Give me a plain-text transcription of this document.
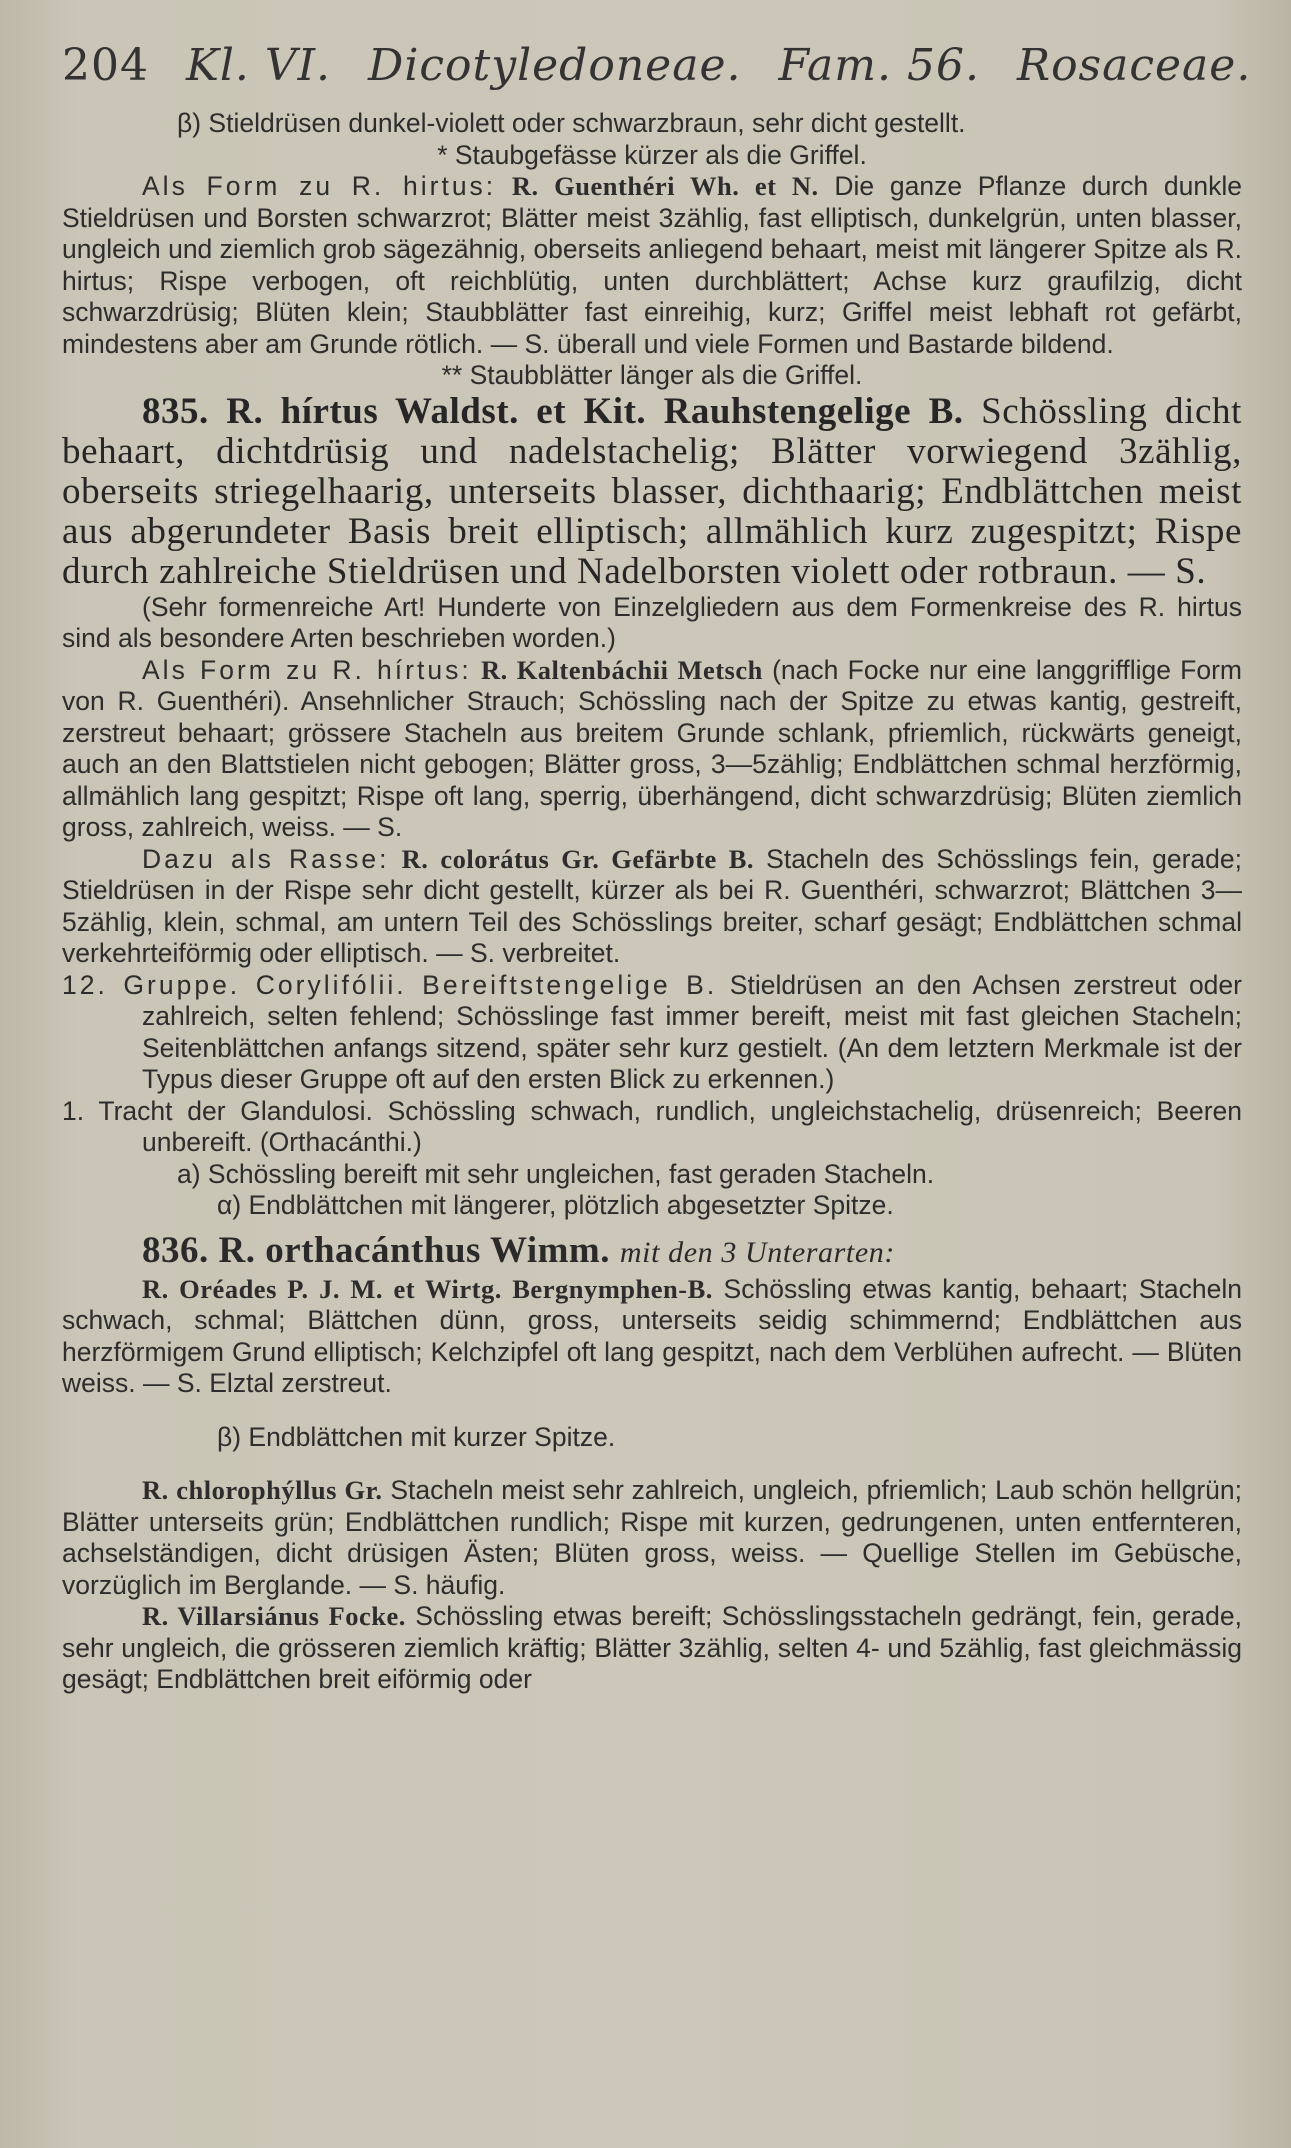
204 Kl. VI. Dicotyledoneae. Fam. 56. Rosaceae.

β) Stieldrüsen dunkel-violett oder schwarzbraun, sehr dicht gestellt.

* Staubgefässe kürzer als die Griffel.

Als Form zu R. hirtus: R. Guenthéri Wh. et N. Die ganze Pflanze durch dunkle Stieldrüsen und Borsten schwarzrot; Blätter meist 3zählig, fast elliptisch, dunkelgrün, unten blasser, ungleich und ziemlich grob sägezähnig, oberseits anliegend behaart, meist mit längerer Spitze als R. hirtus; Rispe verbogen, oft reichblütig, unten durchblättert; Achse kurz graufilzig, dicht schwarzdrüsig; Blüten klein; Staubblätter fast einreihig, kurz; Griffel meist lebhaft rot gefärbt, mindestens aber am Grunde rötlich. — S. überall und viele Formen und Bastarde bildend.

** Staubblätter länger als die Griffel.

835. R. hírtus Waldst. et Kit. Rauhstengelige B. Schössling dicht behaart, dichtdrüsig und nadelstachelig; Blätter vorwiegend 3zählig, oberseits striegelhaarig, unterseits blasser, dichthaarig; Endblättchen meist aus abgerundeter Basis breit elliptisch; allmählich kurz zugespitzt; Rispe durch zahlreiche Stieldrüsen und Nadelborsten violett oder rotbraun. — S.

(Sehr formenreiche Art! Hunderte von Einzelgliedern aus dem Formenkreise des R. hirtus sind als besondere Arten beschrieben worden.)

Als Form zu R. hírtus: R. Kaltenbáchii Metsch (nach Focke nur eine langgrifflige Form von R. Guenthéri). Ansehnlicher Strauch; Schössling nach der Spitze zu etwas kantig, gestreift, zerstreut behaart; grössere Stacheln aus breitem Grunde schlank, pfriemlich, rückwärts geneigt, auch an den Blattstielen nicht gebogen; Blätter gross, 3—5zählig; Endblättchen schmal herzförmig, allmählich lang gespitzt; Rispe oft lang, sperrig, überhängend, dicht schwarzdrüsig; Blüten ziemlich gross, zahlreich, weiss. — S.

Dazu als Rasse: R. colorátus Gr. Gefärbte B. Stacheln des Schösslings fein, gerade; Stieldrüsen in der Rispe sehr dicht gestellt, kürzer als bei R. Guenthéri, schwarzrot; Blättchen 3—5zählig, klein, schmal, am untern Teil des Schösslings breiter, scharf gesägt; Endblättchen schmal verkehrteiförmig oder elliptisch. — S. verbreitet.

12. Gruppe. Corylifólii. Bereiftstengelige B. Stieldrüsen an den Achsen zerstreut oder zahlreich, selten fehlend; Schösslinge fast immer bereift, meist mit fast gleichen Stacheln; Seitenblättchen anfangs sitzend, später sehr kurz gestielt. (An dem letztern Merkmale ist der Typus dieser Gruppe oft auf den ersten Blick zu erkennen.)

1. Tracht der Glandulosi. Schössling schwach, rundlich, ungleichstachelig, drüsenreich; Beeren unbereift. (Orthacánthi.)

a) Schössling bereift mit sehr ungleichen, fast geraden Stacheln.

α) Endblättchen mit längerer, plötzlich abgesetzter Spitze.

836. R. orthacánthus Wimm. mit den 3 Unterarten:

R. Oréades P. J. M. et Wirtg. Bergnymphen-B. Schössling etwas kantig, behaart; Stacheln schwach, schmal; Blättchen dünn, gross, unterseits seidig schimmernd; Endblättchen aus herzförmigem Grund elliptisch; Kelchzipfel oft lang gespitzt, nach dem Verblühen aufrecht. — Blüten weiss. — S. Elztal zerstreut.

β) Endblättchen mit kurzer Spitze.

R. chlorophýllus Gr. Stacheln meist sehr zahlreich, ungleich, pfriemlich; Laub schön hellgrün; Blätter unterseits grün; Endblättchen rundlich; Rispe mit kurzen, gedrungenen, unten entfernteren, achselständigen, dicht drüsigen Ästen; Blüten gross, weiss. — Quellige Stellen im Gebüsche, vorzüglich im Berglande. — S. häufig.

R. Villarsiánus Focke. Schössling etwas bereift; Schösslingsstacheln gedrängt, fein, gerade, sehr ungleich, die grösseren ziemlich kräftig; Blätter 3zählig, selten 4- und 5zählig, fast gleichmässig gesägt; Endblättchen breit eiförmig oder
